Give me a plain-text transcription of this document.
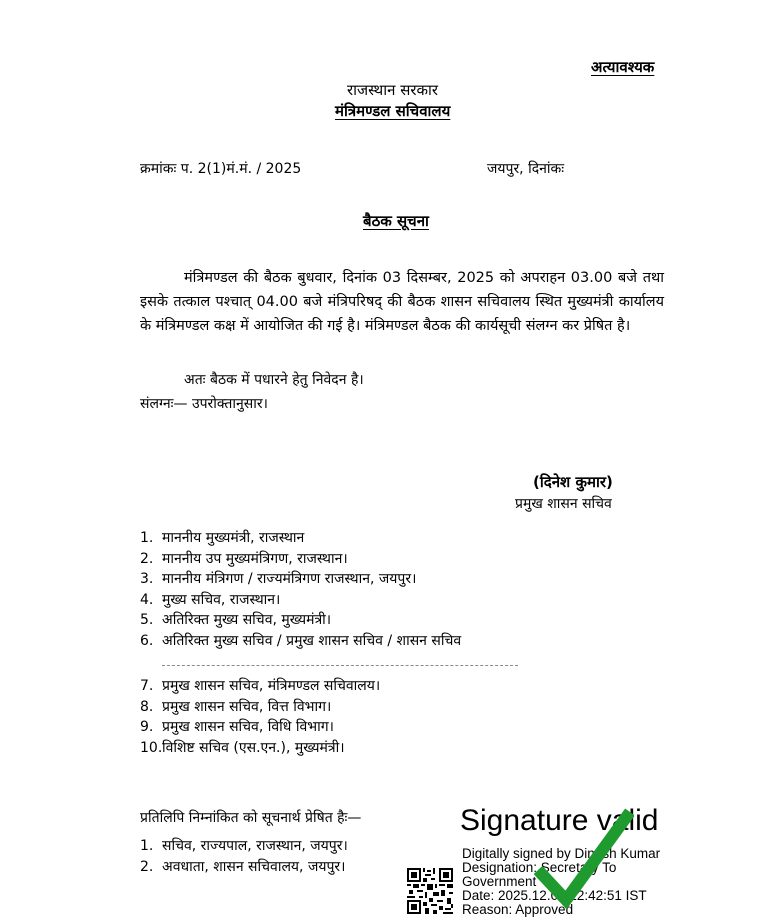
अत्यावश्यक
राजस्थान सरकार
मंत्रिमण्डल सचिवालय
क्रमांकः प. 2(1)मं.मं. / 2025	जयपुर, दिनांकः
बैठक सूचना
मंत्रिमण्डल की बैठक बुधवार, दिनांक 03 दिसम्बर, 2025 को अपराहन 03.00 बजे तथा इसके तत्काल पश्चात् 04.00 बजे मंत्रिपरिषद् की बैठक शासन सचिवालय स्थित मुख्यमंत्री कार्यालय के मंत्रिमण्डल कक्ष में आयोजित की गई है। मंत्रिमण्डल बैठक की कार्यसूची संलग्न कर प्रेषित है।
अतः बैठक में पधारने हेतु निवेदन है।
संलग्नः— उपरोक्तानुसार।
(दिनेश कुमार)
प्रमुख शासन सचिव
1. माननीय मुख्यमंत्री, राजस्थान
2. माननीय उप मुख्यमंत्रिगण, राजस्थान।
3. माननीय मंत्रिगण / राज्यमंत्रिगण राजस्थान, जयपुर।
4. मुख्य सचिव, राजस्थान।
5. अतिरिक्त मुख्य सचिव, मुख्यमंत्री।
6. अतिरिक्त मुख्य सचिव / प्रमुख शासन सचिव / शासन सचिव
7. प्रमुख शासन सचिव, मंत्रिमण्डल सचिवालय।
8. प्रमुख शासन सचिव, वित्त विभाग।
9. प्रमुख शासन सचिव, विधि विभाग।
10. विशिष्ट सचिव (एस.एन.), मुख्यमंत्री।
प्रतिलिपि निम्नांकित को सूचनार्थ प्रेषित हैः—
1. सचिव, राज्यपाल, राजस्थान, जयपुर।
2. अवधाता, शासन सचिवालय, जयपुर।
Signature valid
Digitally signed by Dinesh Kumar
Designation: Secretary To
Government
Date: 2025.12.02 12:42:51 IST
Reason: Approved
